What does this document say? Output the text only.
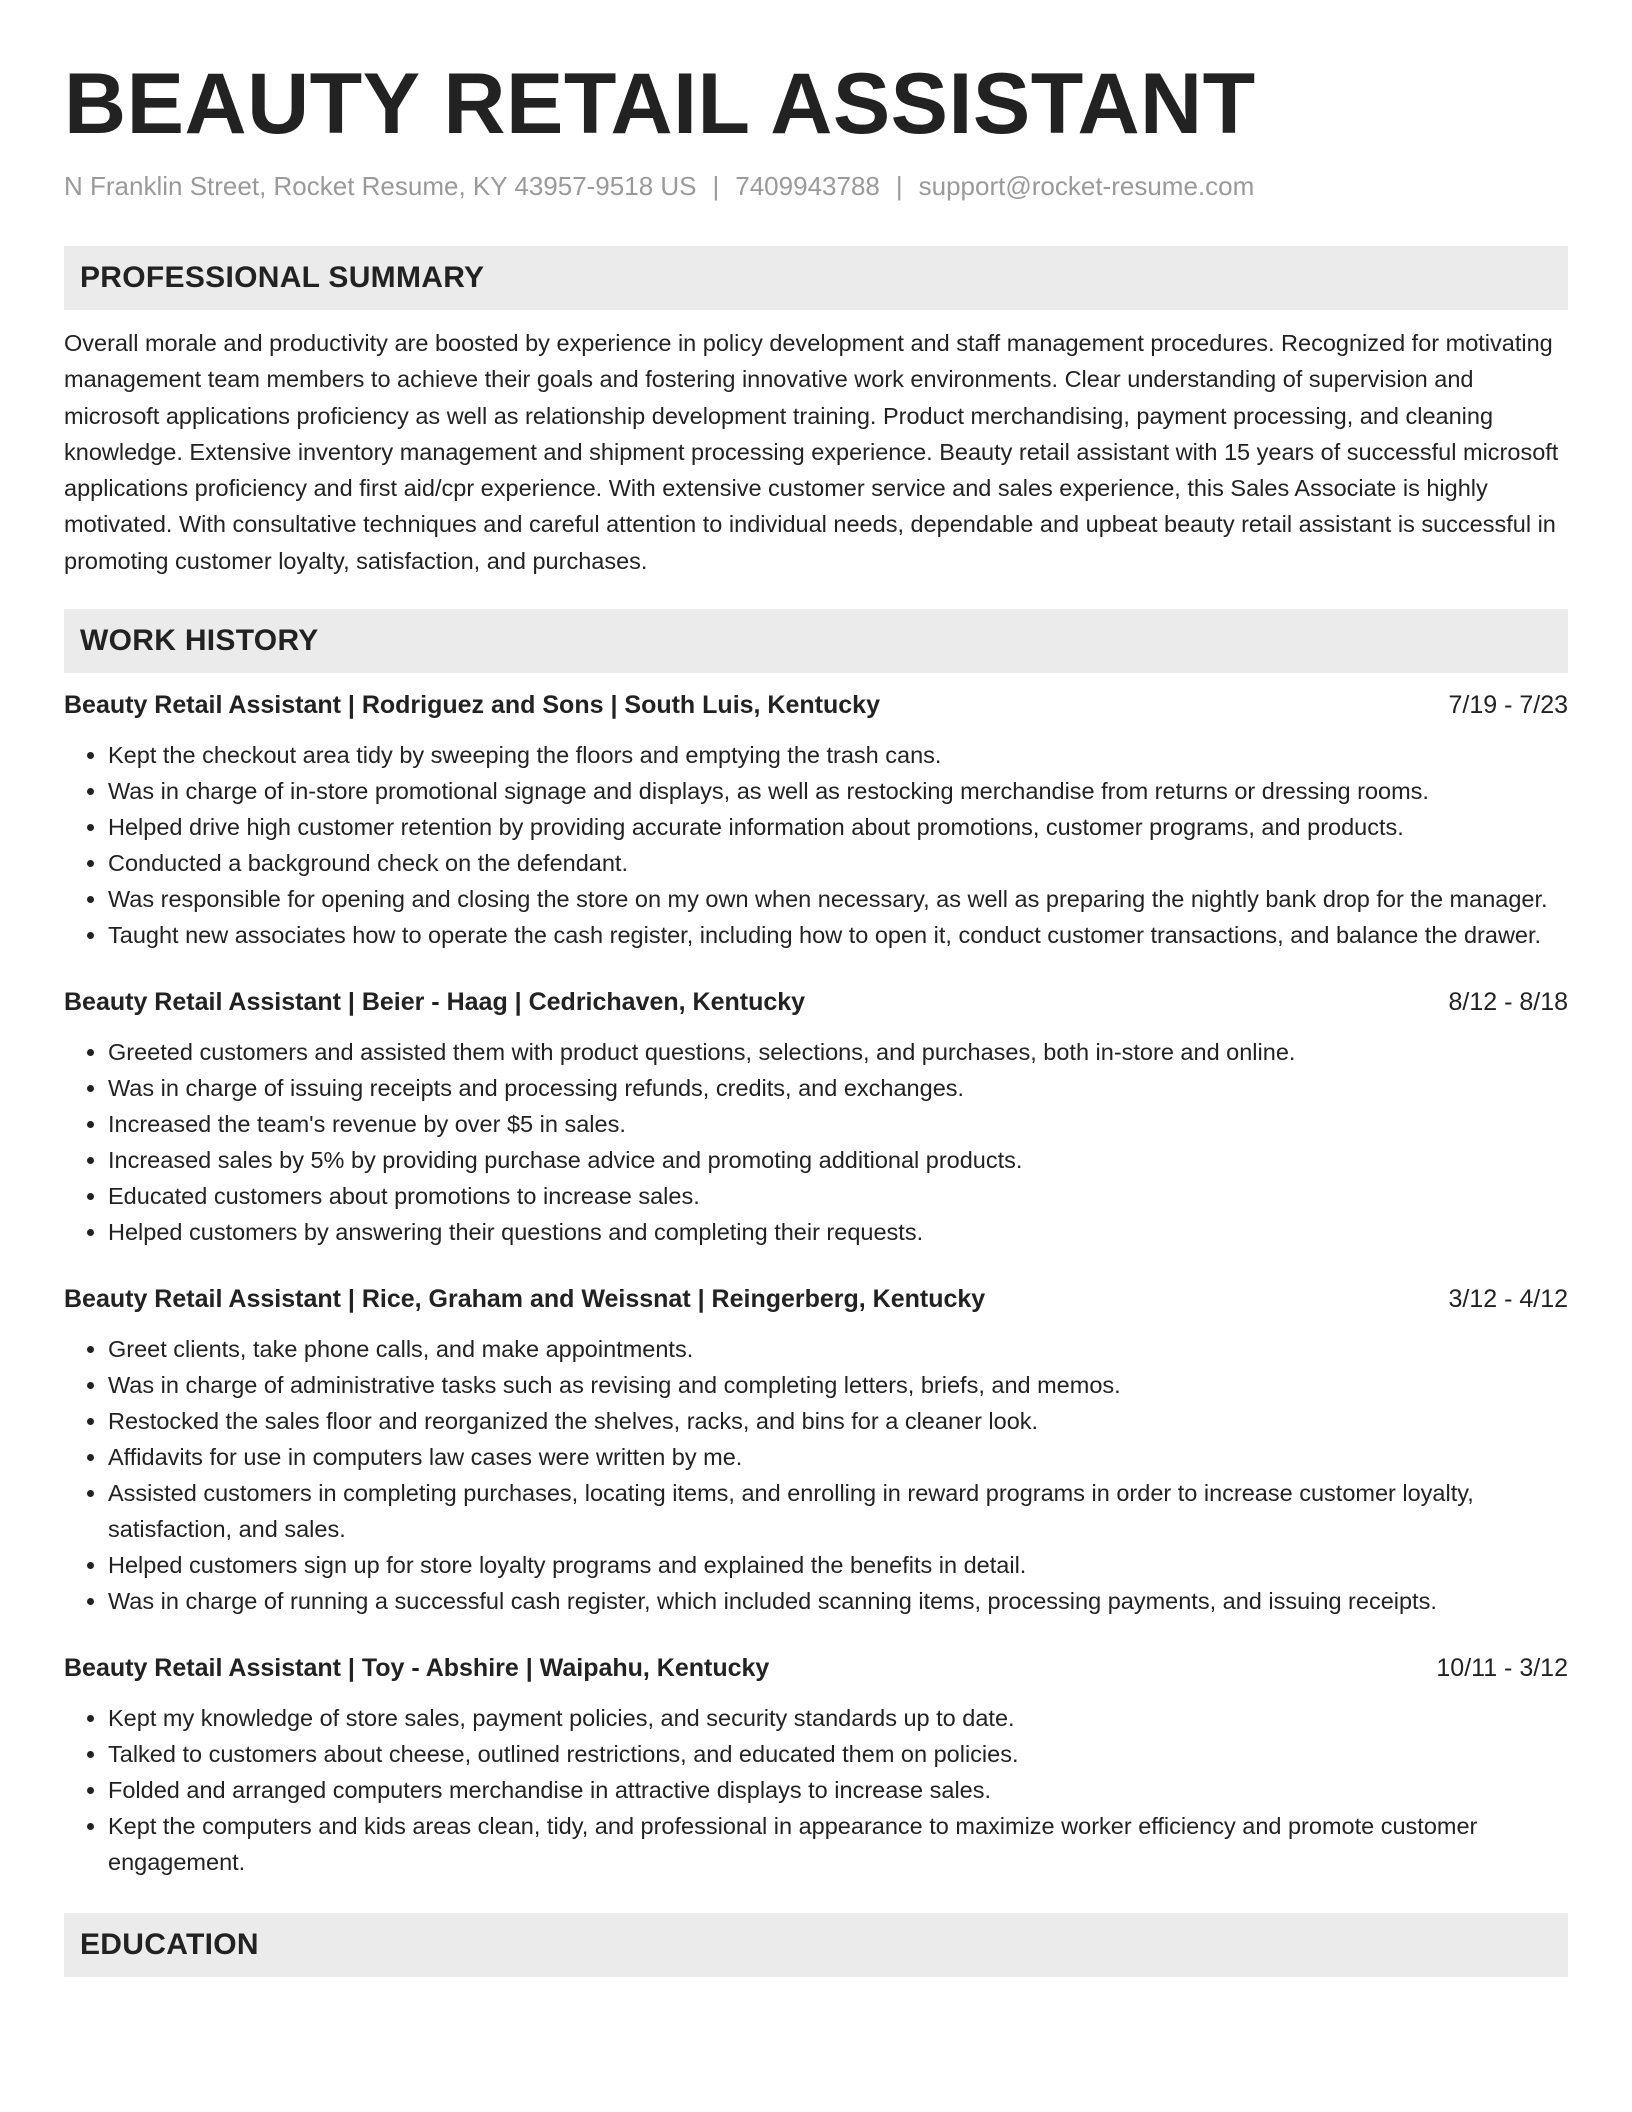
BEAUTY RETAIL ASSISTANT
N Franklin Street, Rocket Resume, KY 43957-9518 US | 7409943788 | support@rocket-resume.com
PROFESSIONAL SUMMARY
Overall morale and productivity are boosted by experience in policy development and staff management procedures. Recognized for motivating management team members to achieve their goals and fostering innovative work environments. Clear understanding of supervision and microsoft applications proficiency as well as relationship development training. Product merchandising, payment processing, and cleaning knowledge. Extensive inventory management and shipment processing experience. Beauty retail assistant with 15 years of successful microsoft applications proficiency and first aid/cpr experience. With extensive customer service and sales experience, this Sales Associate is highly motivated. With consultative techniques and careful attention to individual needs, dependable and upbeat beauty retail assistant is successful in promoting customer loyalty, satisfaction, and purchases.
WORK HISTORY
Beauty Retail Assistant | Rodriguez and Sons | South Luis, Kentucky	7/19 - 7/23
• Kept the checkout area tidy by sweeping the floors and emptying the trash cans.
• Was in charge of in-store promotional signage and displays, as well as restocking merchandise from returns or dressing rooms.
• Helped drive high customer retention by providing accurate information about promotions, customer programs, and products.
• Conducted a background check on the defendant.
• Was responsible for opening and closing the store on my own when necessary, as well as preparing the nightly bank drop for the manager.
• Taught new associates how to operate the cash register, including how to open it, conduct customer transactions, and balance the drawer.
Beauty Retail Assistant | Beier - Haag | Cedrichaven, Kentucky	8/12 - 8/18
• Greeted customers and assisted them with product questions, selections, and purchases, both in-store and online.
• Was in charge of issuing receipts and processing refunds, credits, and exchanges.
• Increased the team's revenue by over $5 in sales.
• Increased sales by 5% by providing purchase advice and promoting additional products.
• Educated customers about promotions to increase sales.
• Helped customers by answering their questions and completing their requests.
Beauty Retail Assistant | Rice, Graham and Weissnat | Reingerberg, Kentucky	3/12 - 4/12
• Greet clients, take phone calls, and make appointments.
• Was in charge of administrative tasks such as revising and completing letters, briefs, and memos.
• Restocked the sales floor and reorganized the shelves, racks, and bins for a cleaner look.
• Affidavits for use in computers law cases were written by me.
• Assisted customers in completing purchases, locating items, and enrolling in reward programs in order to increase customer loyalty, satisfaction, and sales.
• Helped customers sign up for store loyalty programs and explained the benefits in detail.
• Was in charge of running a successful cash register, which included scanning items, processing payments, and issuing receipts.
Beauty Retail Assistant | Toy - Abshire | Waipahu, Kentucky	10/11 - 3/12
• Kept my knowledge of store sales, payment policies, and security standards up to date.
• Talked to customers about cheese, outlined restrictions, and educated them on policies.
• Folded and arranged computers merchandise in attractive displays to increase sales.
• Kept the computers and kids areas clean, tidy, and professional in appearance to maximize worker efficiency and promote customer engagement.
EDUCATION
